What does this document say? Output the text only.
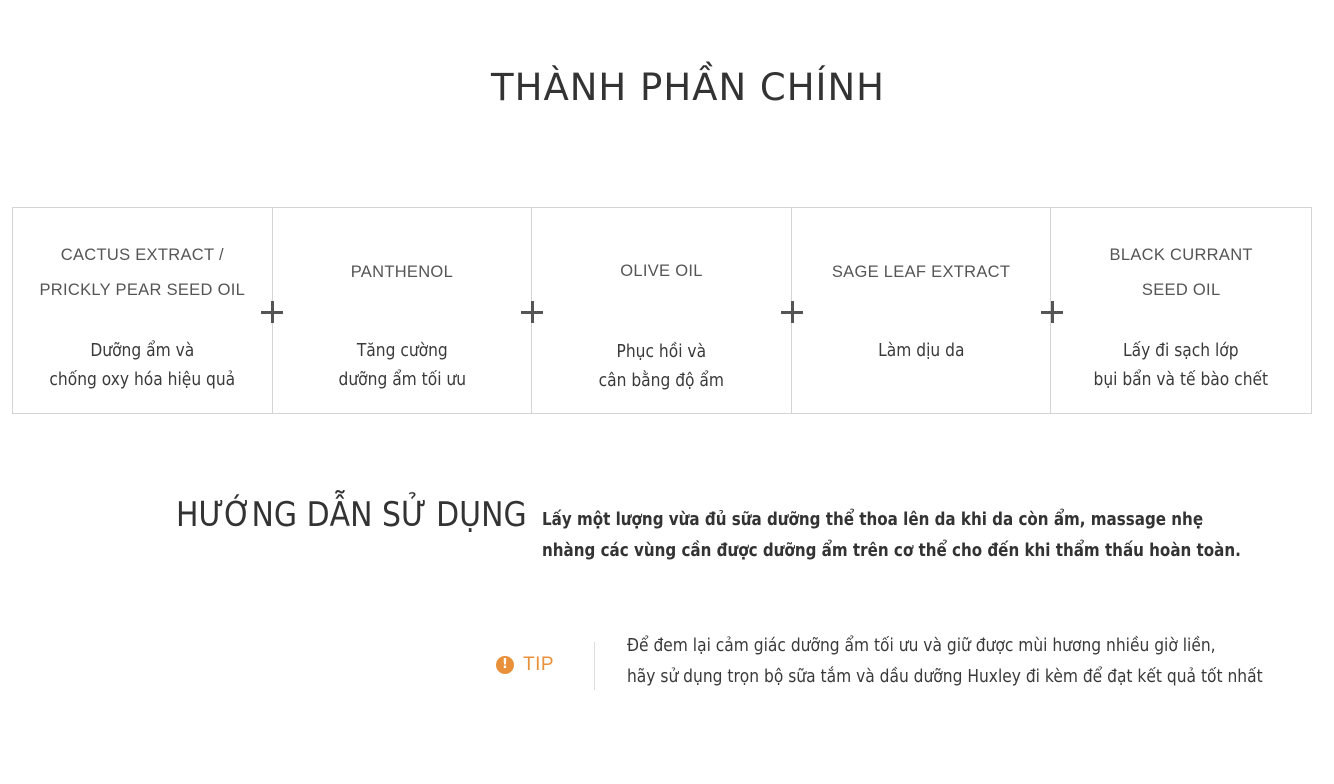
THÀNH PHẦN CHÍNH
CACTUS EXTRACT /
PRICKLY PEAR SEED OIL
Dưỡng ẩm và
chống oxy hóa hiệu quả
PANTHENOL
Tăng cường
dưỡng ẩm tối ưu
OLIVE OIL
Phục hồi và
cân bằng độ ẩm
SAGE LEAF EXTRACT
Làm dịu da
BLACK CURRANT
SEED OIL
Lấy đi sạch lớp
bụi bẩn và tế bào chết
HƯỚNG DẪN SỬ DỤNG Lấy một lượng vừa đủ sữa dưỡng thể thoa lên da khi da còn ẩm, massage nhẹ
nhàng các vùng cần được dưỡng ẩm trên cơ thể cho đến khi thẩm thấu hoàn toàn.
! TIP
Để đem lại cảm giác dưỡng ẩm tối ưu và giữ được mùi hương nhiều giờ liền,
hãy sử dụng trọn bộ sữa tắm và dầu dưỡng Huxley đi kèm để đạt kết quả tốt nhất
